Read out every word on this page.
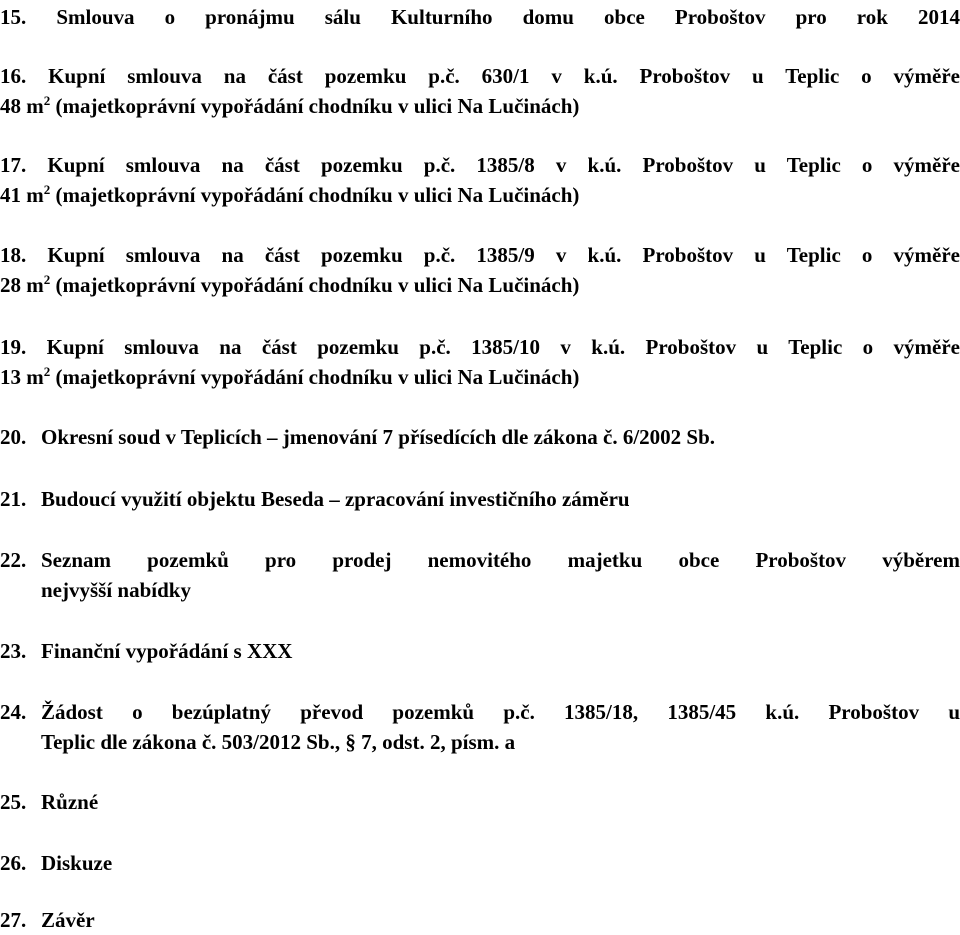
15. Smlouva o pronájmu sálu Kulturního domu obce Proboštov pro rok 2014
16. Kupní smlouva na část pozemku p.č. 630/1 v k.ú. Proboštov u Teplic o výměře
48 $m^2$ (majetkoprávní vypořádání chodníku v ulici Na Lučinách)
17. Kupní smlouva na část pozemku p.č. 1385/8 v k.ú. Proboštov u Teplic o výměře
41 $m^2$ (majetkoprávní vypořádání chodníku v ulici Na Lučinách)
18. Kupní smlouva na část pozemku p.č. 1385/9 v k.ú. Proboštov u Teplic o výměře
28 $m^2$ (majetkoprávní vypořádání chodníku v ulici Na Lučinách)
19. Kupní smlouva na část pozemku p.č. 1385/10 v k.ú. Proboštov u Teplic o výměře
13 $m^2$ (majetkoprávní vypořádání chodníku v ulici Na Lučinách)
20. Okresní soud v Teplicích – jmenování 7 přísedících dle zákona č. 6/2002 Sb.
21. Budoucí využití objektu Beseda – zpracování investičního záměru
22. Seznam pozemků pro prodej nemovitého majetku obce Proboštov výběrem
nejvyšší nabídky
23. Finanční vypořádání s XXX
24. Žádost o bezúplatný převod pozemků p.č. 1385/18, 1385/45 k.ú. Proboštov u
Teplic dle zákona č. 503/2012 Sb., § 7, odst. 2, písm. a
25. Různé
26. Diskuze
27. Závěr
